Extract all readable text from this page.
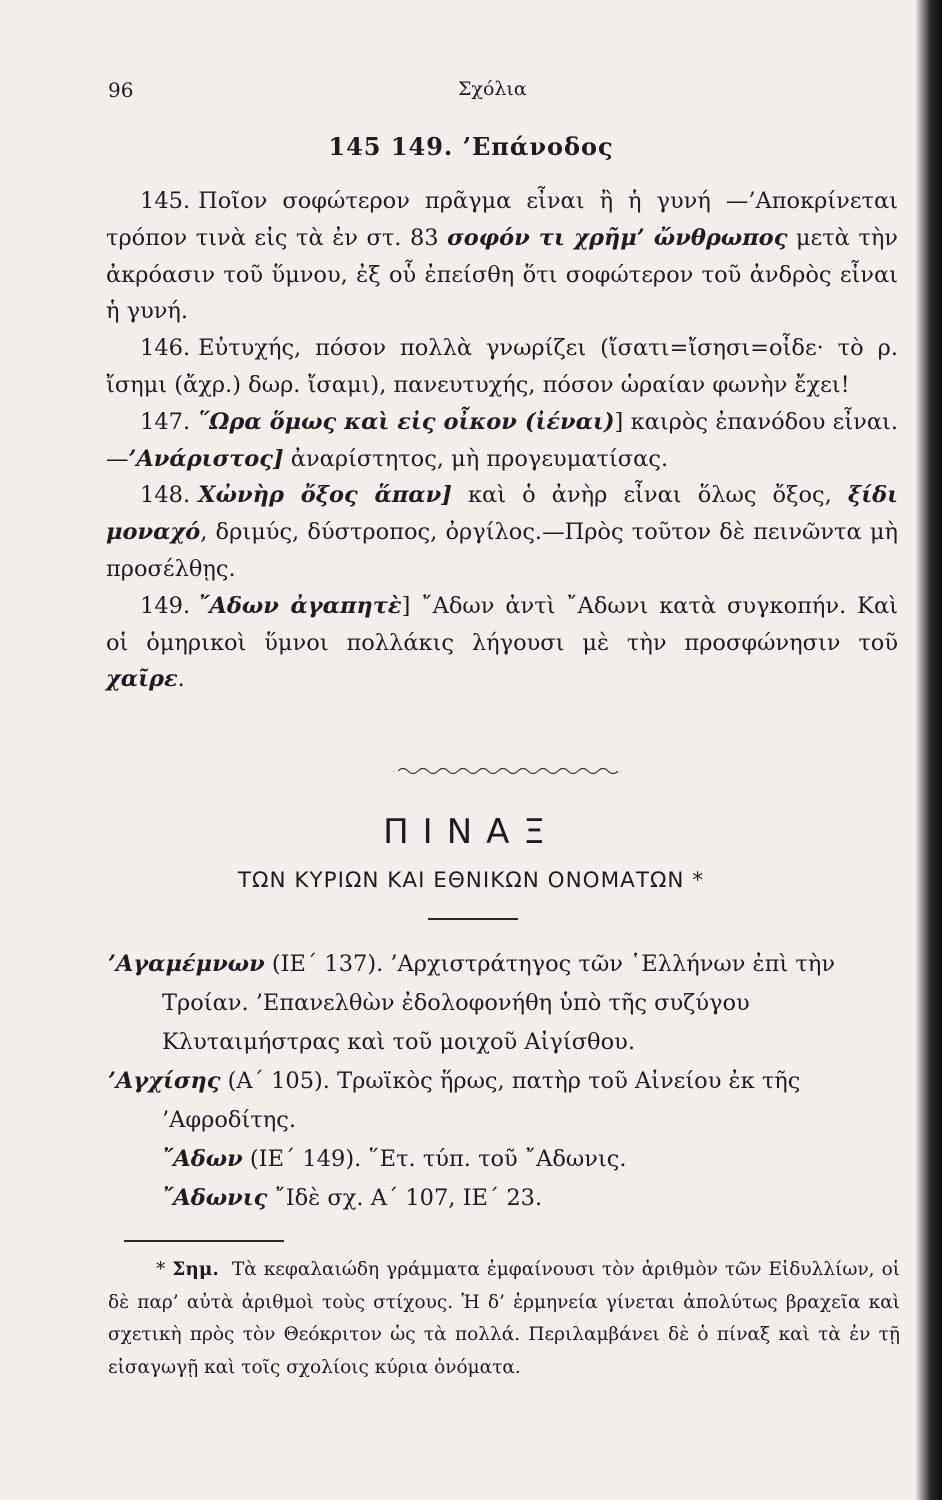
96	Σχόλια
145 149. ’Επάνοδος

145. Ποῖον σοφώτερον πρᾶγμα εἶναι ἢ ἡ γυνή —’Αποκρίνεται τρόπον τινὰ εἰς τὰ ἐν στ. 83 σοφόν τι χρῆμ’ ὤνθρωπος μετὰ τὴν ἀκρόασιν τοῦ ὕμνου, ἐξ οὗ ἐπείσθη ὅτι σοφώτερον τοῦ ἀνδρὸς εἶναι ἡ γυνή.

146. Εὐτυχής, πόσον πολλὰ γνωρίζει (ἴσατι=ἴσησι=οἶδε· τὸ ρ. ἴσημι (ἄχρ.) δωρ. ἴσαμι), πανευτυχής, πόσον ὡραίαν φωνὴν ἔχει!

147. ῞Ωρα ὅμως καὶ εἰς οἶκον (ἰέναι)] καιρὸς ἐπανόδου εἶναι.—’Ανάριστος] ἀναρίστητος, μὴ προγευματίσας.

148. Χὠνὴρ ὄξος ἅπαν] καὶ ὁ ἀνὴρ εἶναι ὅλως ὄξος, ξίδι μοναχό, δριμύς, δύστροπος, ὀργίλος.—Πρὸς τοῦτον δὲ πεινῶντα μὴ προσέλθῃς.

149. ῎Αδων ἀγαπητὲ] ῎Αδων ἀντὶ ῎Αδωνι κατὰ συγκοπήν. Καὶ οἱ ὁμηρικοὶ ὕμνοι πολλάκις λήγουσι μὲ τὴν προσφώνησιν τοῦ χαῖρε.

ΠΙΝΑΞ
ΤΩΝ ΚΥΡΙΩΝ ΚΑΙ ΕΘΝΙΚΩΝ ΟΝΟΜΑΤΩΝ *

’Αγαμέμνων (ΙΕ΄ 137). ’Αρχιστράτηγος τῶν ῾Ελλήνων ἐπὶ τὴν Τροίαν. ’Επανελθὼν ἐδολοφονήθη ὑπὸ τῆς συζύγου Κλυταιμήστρας καὶ τοῦ μοιχοῦ Αἰγίσθου.

’Αγχίσης (Α΄ 105). Τρωϊκὸς ἥρως, πατὴρ τοῦ Αἰνείου ἐκ τῆς ’Αφροδίτης.

῎Αδων (ΙΕ΄ 149). ῞Ετ. τύπ. τοῦ ῎Αδωνις.

῎Αδωνις ῎Ιδὲ σχ. Α΄ 107, ΙΕ΄ 23.

* Σημ. Τὰ κεφαλαιώδη γράμματα ἐμφαίνουσι τὸν ἀριθμὸν τῶν Εἰδυλλίων, οἱ δὲ παρ’ αὐτὰ ἀριθμοὶ τοὺς στίχους. Ἡ δ’ ἑρμηνεία γίνεται ἀπολύτως βραχεῖα καὶ σχετικὴ πρὸς τὸν Θεόκριτον ὡς τὰ πολλά. Περιλαμβάνει δὲ ὁ πίναξ καὶ τὰ ἐν τῇ εἰσαγωγῇ καὶ τοῖς σχολίοις κύρια ὀνόματα.
